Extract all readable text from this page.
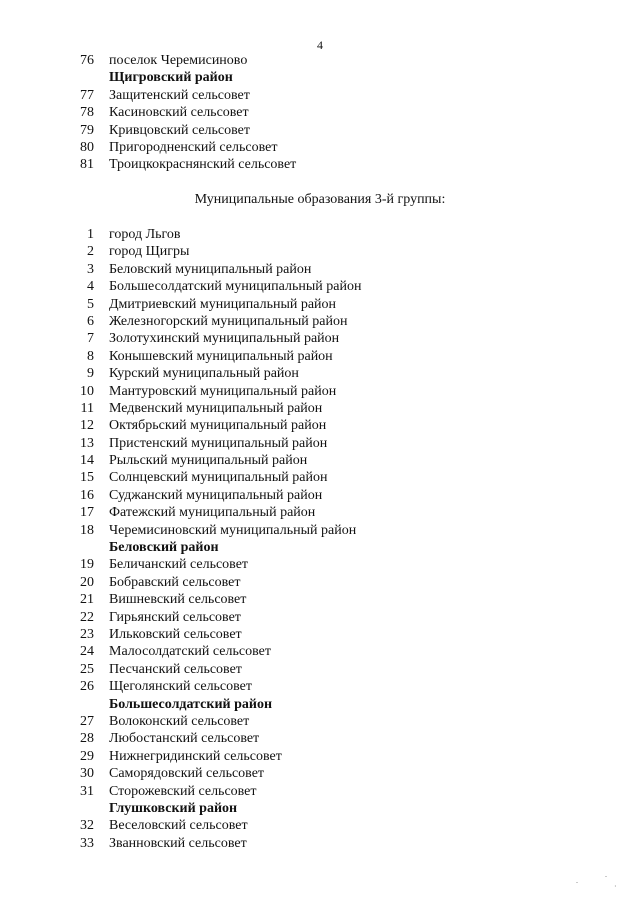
4
76 поселок Черемисиново
Щигровский район
77 Защитенский сельсовет
78 Касиновский сельсовет
79 Кривцовский сельсовет
80 Пригородненский сельсовет
81 Троицкокраснянский сельсовет
Муниципальные образования 3-й группы:
1 город Льгов
2 город Щигры
3 Беловский муниципальный район
4 Большесолдатский муниципальный район
5 Дмитриевский муниципальный район
6 Железногорский муниципальный район
7 Золотухинский муниципальный район
8 Конышевский муниципальный район
9 Курский муниципальный район
10 Мантуровский муниципальный район
11 Медвенский муниципальный район
12 Октябрьский муниципальный район
13 Пристенский муниципальный район
14 Рыльский муниципальный район
15 Солнцевский муниципальный район
16 Суджанский муниципальный район
17 Фатежский муниципальный район
18 Черемисиновский муниципальный район
Беловский район
19 Беличанский сельсовет
20 Бобравский сельсовет
21 Вишневский сельсовет
22 Гирьянский сельсовет
23 Ильковский сельсовет
24 Малосолдатский сельсовет
25 Песчанский сельсовет
26 Щеголянский сельсовет
Большесолдатский район
27 Волоконский сельсовет
28 Любостанский сельсовет
29 Нижнегридинский сельсовет
30 Саморядовский сельсовет
31 Сторожевский сельсовет
Глушковский район
32 Веселовский сельсовет
33 Званновский сельсовет
.
.
·
